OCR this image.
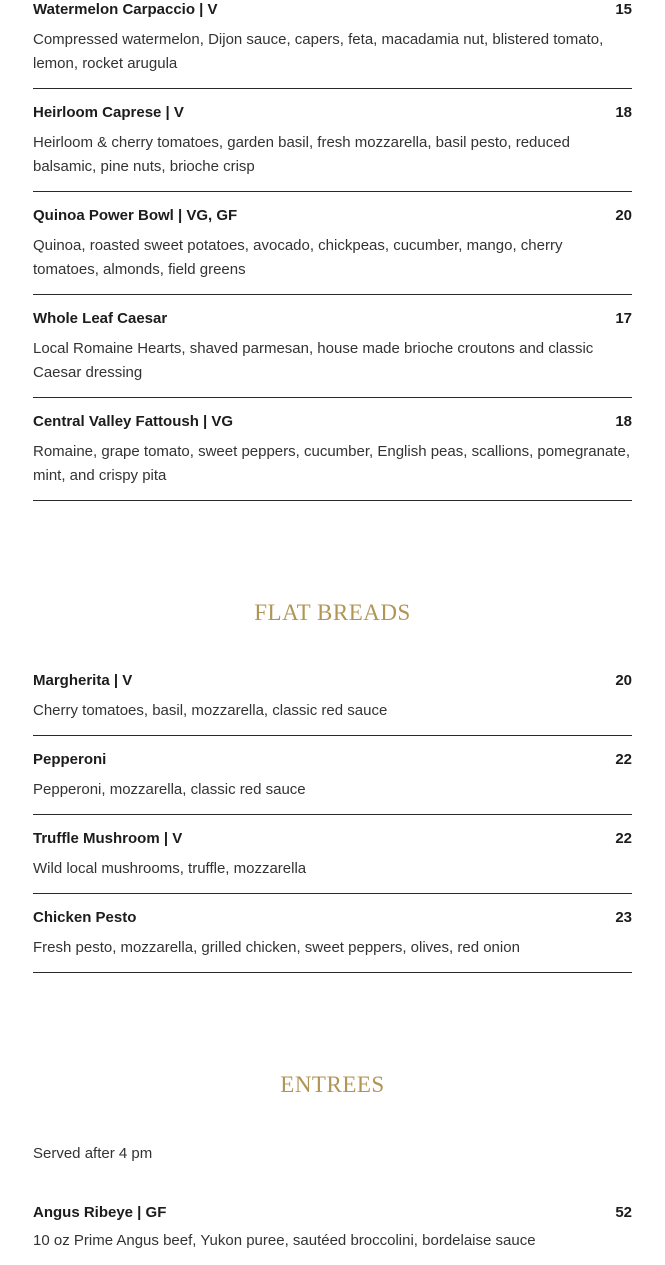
Watermelon Carpaccio | V	15
Compressed watermelon, Dijon sauce, capers, feta, macadamia nut, blistered tomato, lemon, rocket arugula
Heirloom Caprese | V	18
Heirloom & cherry tomatoes, garden basil, fresh mozzarella, basil pesto, reduced balsamic, pine nuts, brioche crisp
Quinoa Power Bowl | VG, GF	20
Quinoa, roasted sweet potatoes, avocado, chickpeas, cucumber, mango, cherry tomatoes, almonds, field greens
Whole Leaf Caesar	17
Local Romaine Hearts, shaved parmesan, house made brioche croutons and classic Caesar dressing
Central Valley Fattoush | VG	18
Romaine, grape tomato, sweet peppers, cucumber, English peas, scallions, pomegranate, mint, and crispy pita
FLAT BREADS
Margherita | V	20
Cherry tomatoes, basil, mozzarella, classic red sauce
Pepperoni	22
Pepperoni, mozzarella, classic red sauce
Truffle Mushroom | V	22
Wild local mushrooms, truffle, mozzarella
Chicken Pesto	23
Fresh pesto, mozzarella, grilled chicken, sweet peppers, olives, red onion
ENTREES
Served after 4 pm
Angus Ribeye | GF	52
10 oz Prime Angus beef, Yukon puree, sautéed broccolini, bordelaise sauce
